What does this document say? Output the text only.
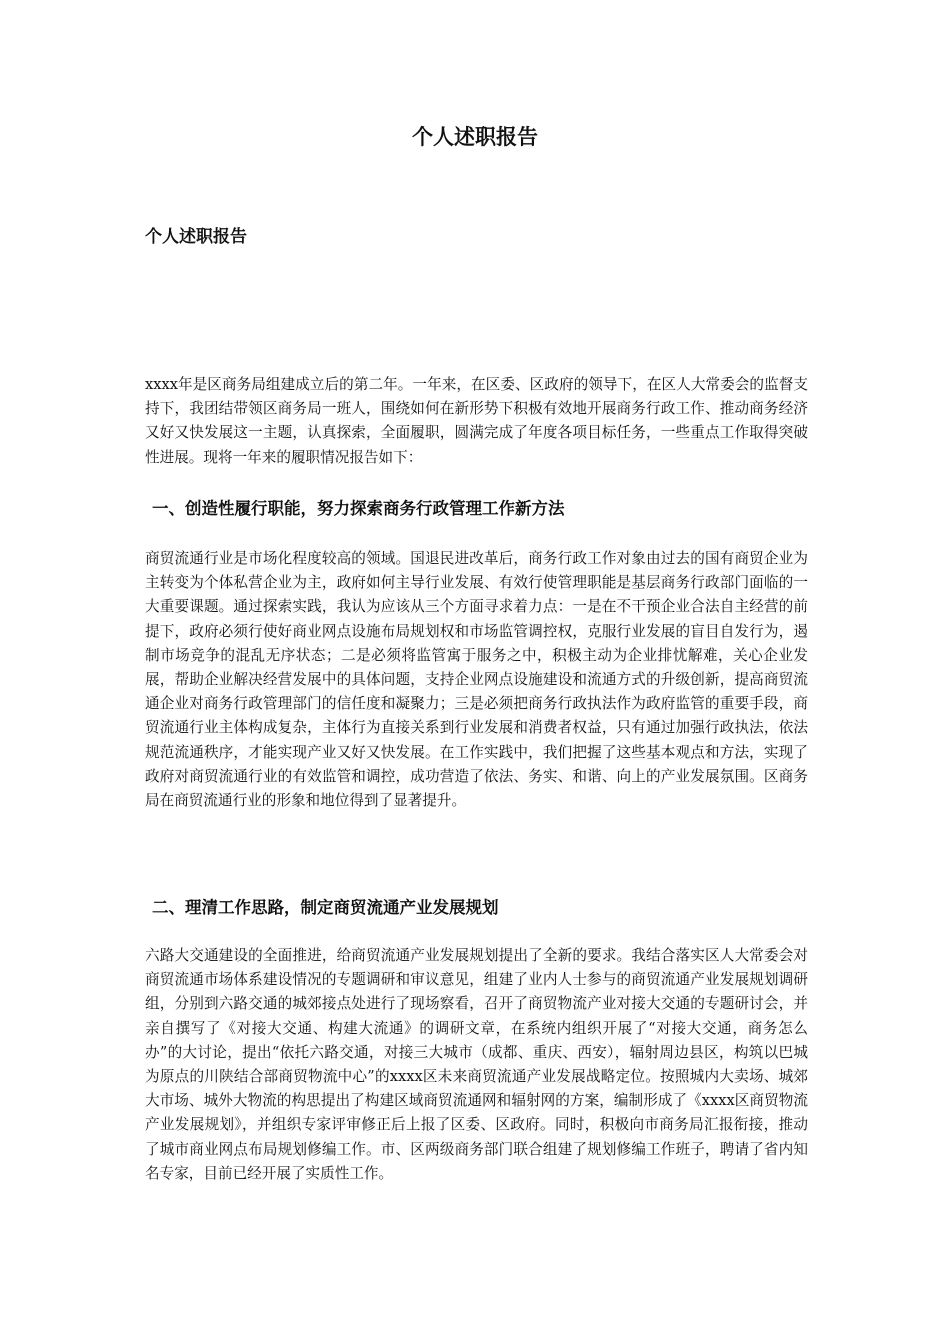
个人述职报告
个人述职报告

xxxx年是区商务局组建成立后的第二年。一年来，在区委、区政府的领导下，在区人大常委会的监督支持下，我团结带领区商务局一班人，围绕如何在新形势下积极有效地开展商务行政工作、推动商务经济又好又快发展这一主题，认真探索，全面履职，圆满完成了年度各项目标任务，一些重点工作取得突破性进展。现将一年来的履职情况报告如下：

一、创造性履行职能，努力探索商务行政管理工作新方法

商贸流通行业是市场化程度较高的领域。国退民进改革后，商务行政工作对象由过去的国有商贸企业为主转变为个体私营企业为主，政府如何主导行业发展、有效行使管理职能是基层商务行政部门面临的一大重要课题。通过探索实践，我认为应该从三个方面寻求着力点：一是在不干预企业合法自主经营的前提下，政府必须行使好商业网点设施布局规划权和市场监管调控权，克服行业发展的盲目自发行为，遏制市场竞争的混乱无序状态；二是必须将监管寓于服务之中，积极主动为企业排忧解难，关心企业发展，帮助企业解决经营发展中的具体问题，支持企业网点设施建设和流通方式的升级创新，提高商贸流通企业对商务行政管理部门的信任度和凝聚力；三是必须把商务行政执法作为政府监管的重要手段，商贸流通行业主体构成复杂，主体行为直接关系到行业发展和消费者权益，只有通过加强行政执法，依法规范流通秩序，才能实现产业又好又快发展。在工作实践中，我们把握了这些基本观点和方法，实现了政府对商贸流通行业的有效监管和调控，成功营造了依法、务实、和谐、向上的产业发展氛围。区商务局在商贸流通行业的形象和地位得到了显著提升。

二、理清工作思路，制定商贸流通产业发展规划

六路大交通建设的全面推进，给商贸流通产业发展规划提出了全新的要求。我结合落实区人大常委会对商贸流通市场体系建设情况的专题调研和审议意见，组建了业内人士参与的商贸流通产业发展规划调研组，分别到六路交通的城郊接点处进行了现场察看，召开了商贸物流产业对接大交通的专题研讨会，并亲自撰写了《对接大交通、构建大流通》的调研文章，在系统内组织开展了“对接大交通，商务怎么办”的大讨论，提出“依托六路交通，对接三大城市（成都、重庆、西安），辐射周边县区，构筑以巴城为原点的川陕结合部商贸物流中心”的xxxx区未来商贸流通产业发展战略定位。按照城内大卖场、城郊大市场、城外大物流的构思提出了构建区域商贸流通网和辐射网的方案，编制形成了《xxxx区商贸物流产业发展规划》，并组织专家评审修正后上报了区委、区政府。同时，积极向市商务局汇报衔接，推动了城市商业网点布局规划修编工作。市、区两级商务部门联合组建了规划修编工作班子，聘请了省内知名专家，目前已经开展了实质性工作。
